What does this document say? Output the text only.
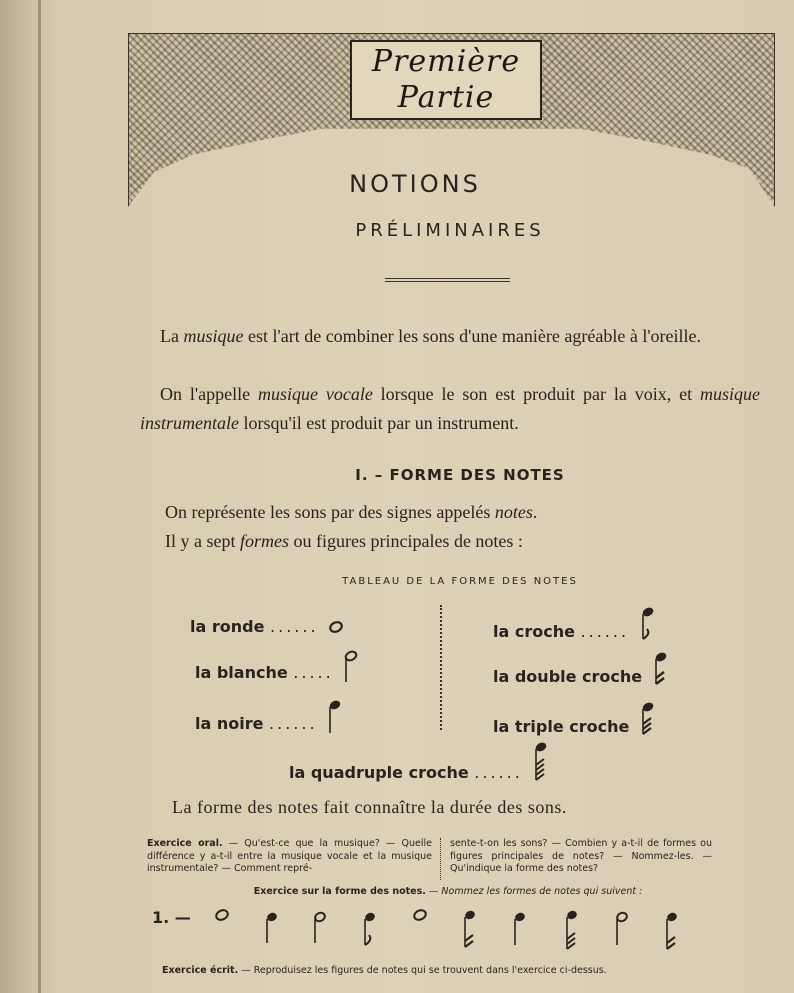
Première
Partie
NOTIONS
PRÉLIMINAIRES
La musique est l'art de combiner les sons d'une manière agréable à l'oreille.
On l'appelle musique vocale lorsque le son est produit par la voix, et musique instrumentale lorsqu'il est produit par un instrument.
I. – FORME DES NOTES
On représente les sons par des signes appelés notes.
Il y a sept formes ou figures principales de notes :
TABLEAU DE LA FORME DES NOTES
la ronde ......
la blanche .....
la noire ......
la croche ......
la double croche
la triple croche
la quadruple croche ......
La forme des notes fait connaître la durée des sons.
Exercice oral. — Qu'est-ce que la musique? — Quelle différence y a-t-il entre la musique vocale et la musique instrumentale? — Comment repré-
sente-t-on les sons? — Combien y a-t-il de formes ou figures principales de notes? — Nommez-les. — Qu'indique la forme des notes?
Exercice sur la forme des notes. — Nommez les formes de notes qui suivent :
1. —
Exercice écrit. — Reproduisez les figures de notes qui se trouvent dans l'exercice ci-dessus.
